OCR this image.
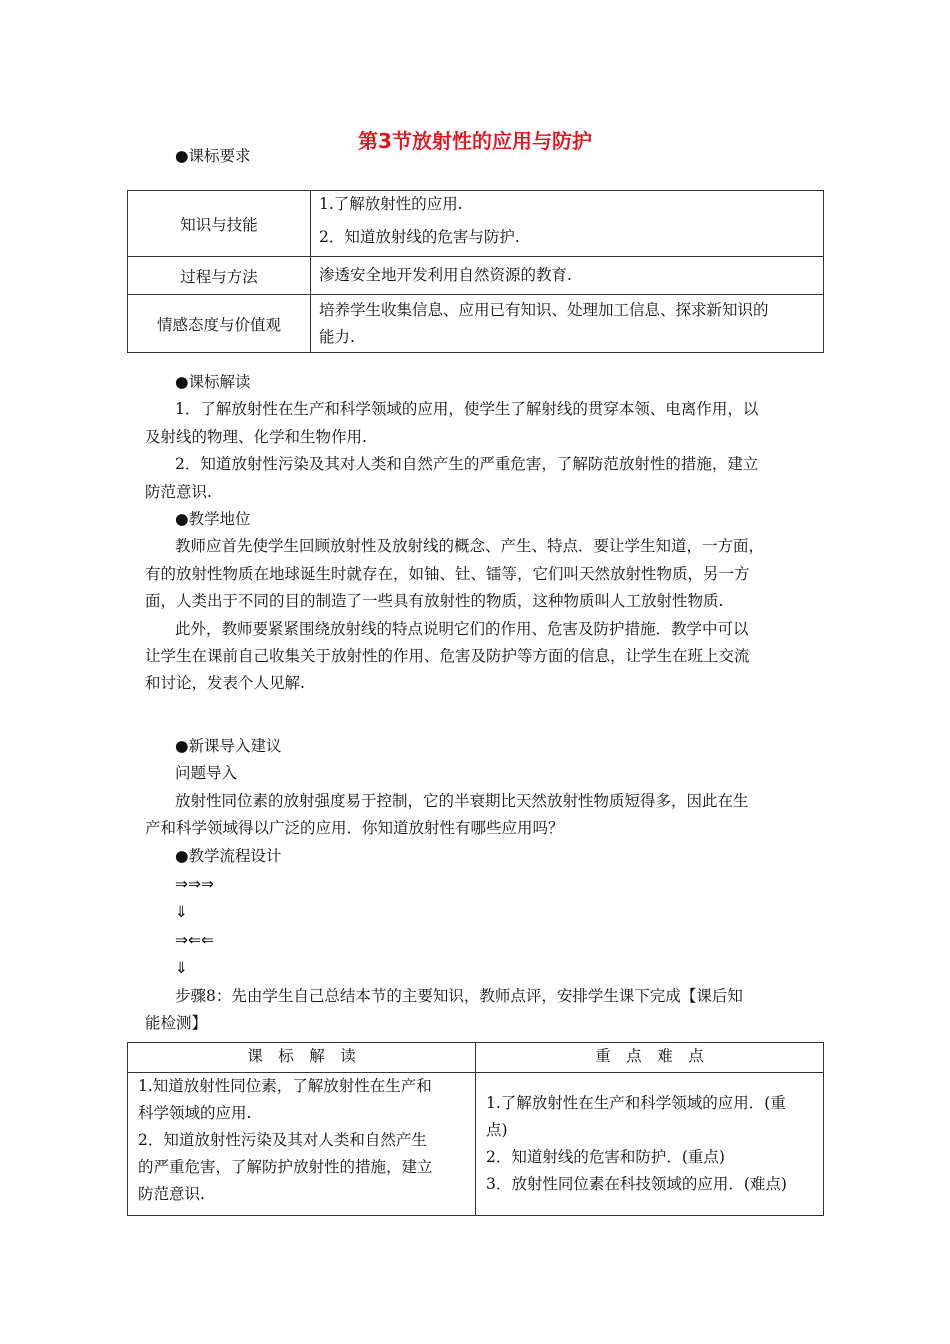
第3节放射性的应用与防护
●课标要求
知识与技能	1.了解放射性的应用.
2．知道放射线的危害与防护.

过程与方法	渗透安全地开发利用自然资源的教育.

情感态度与价值观	培养学生收集信息、应用已有知识、处理加工信息、探求新知识的
能力.
●课标解读
1．了解放射性在生产和科学领域的应用，使学生了解射线的贯穿本领、电离作用，以
及射线的物理、化学和生物作用.
2．知道放射性污染及其对人类和自然产生的严重危害，了解防范放射性的措施，建立
防范意识.
●教学地位
教师应首先使学生回顾放射性及放射线的概念、产生、特点．要让学生知道，一方面，
有的放射性物质在地球诞生时就存在，如铀、钍、镭等，它们叫天然放射性物质，另一方
面，人类出于不同的目的制造了一些具有放射性的物质，这种物质叫人工放射性物质.
此外，教师要紧紧围绕放射线的特点说明它们的作用、危害及防护措施．教学中可以
让学生在课前自己收集关于放射性的作用、危害及防护等方面的信息，让学生在班上交流
和讨论，发表个人见解.
●新课导入建议
问题导入
放射性同位素的放射强度易于控制，它的半衰期比天然放射性物质短得多，因此在生
产和科学领域得以广泛的应用．你知道放射性有哪些应用吗？
●教学流程设计
⇒⇒⇒
⇓
⇒⇐⇐
⇓
步骤8：先由学生自己总结本节的主要知识，教师点评，安排学生课下完成【课后知
能检测】
课　标　解　读	重　点　难　点

1.知道放射性同位素，了解放射性在生产和
科学领域的应用.
2．知道放射性污染及其对人类和自然产生
的严重危害，了解防护放射性的措施，建立
防范意识.	1.了解放射性在生产和科学领域的应用．(重
点)
2．知道射线的危害和防护．(重点)
3．放射性同位素在科技领域的应用．(难点)
